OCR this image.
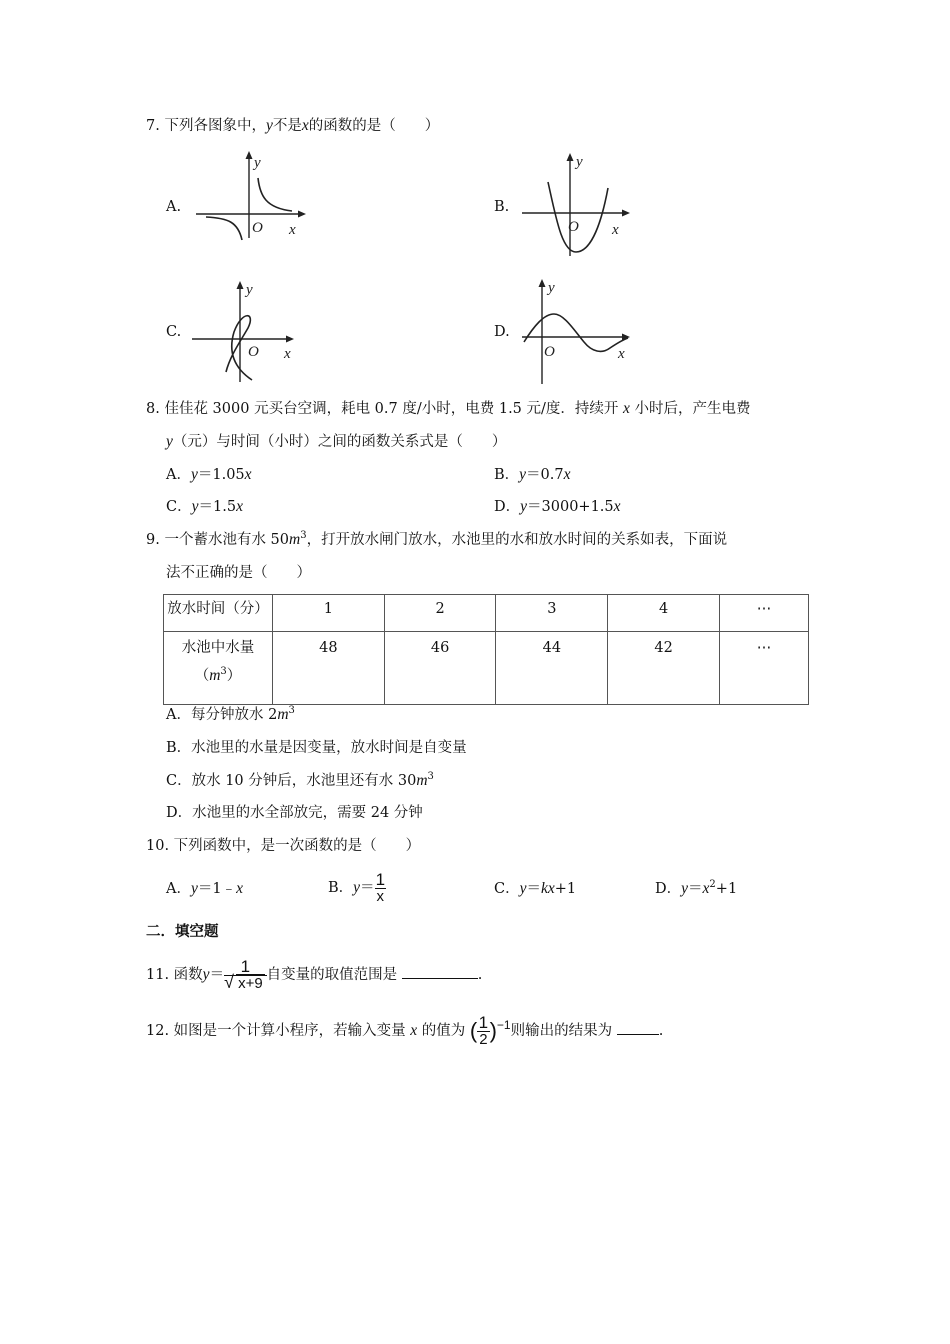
7. 下列各图象中，y不是x的函数的是（　　）
A.	B.
C.	D.
y
x
O
y
x
O
y
x
O
y
x
O
8. 佳佳花 3000 元买台空调，耗电 0.7 度/小时，电费 1.5 元/度．持续开 x 小时后，产生电费
y（元）与时间（小时）之间的函数关系式是（　　）
A．y＝1.05x	B．y＝0.7x
C．y＝1.5x	D．y＝3000+1.5x
9. 一个蓄水池有水 $50m^3$，打开放水闸门放水，水池里的水和放水时间的关系如表，下面说
法不正确的是（　　）
放水时间（分）	1	2	3	4	⋯

水池中水量
$(m^3)$	48	46	44	42	⋯
A．每分钟放水 $2m^3$
B．水池里的水量是因变量，放水时间是自变量
C．放水 10 分钟后，水池里还有水 $30m^3$
D．水池里的水全部放完，需要 24 分钟
10. 下列函数中，是一次函数的是（　　）
A．y＝1﹣x	B．$y= \frac{1}{x}$	C．y＝kx+1	D．$y=x^2+1$
二．填空题
11. 函数y＝ 1
√ x+9 自变量的取值范围是	.
12. 如图是一个计算小程序，若输入变量 x 的值为 ( $\frac{1}{2} )^{-1}$则输出的结果为	.
